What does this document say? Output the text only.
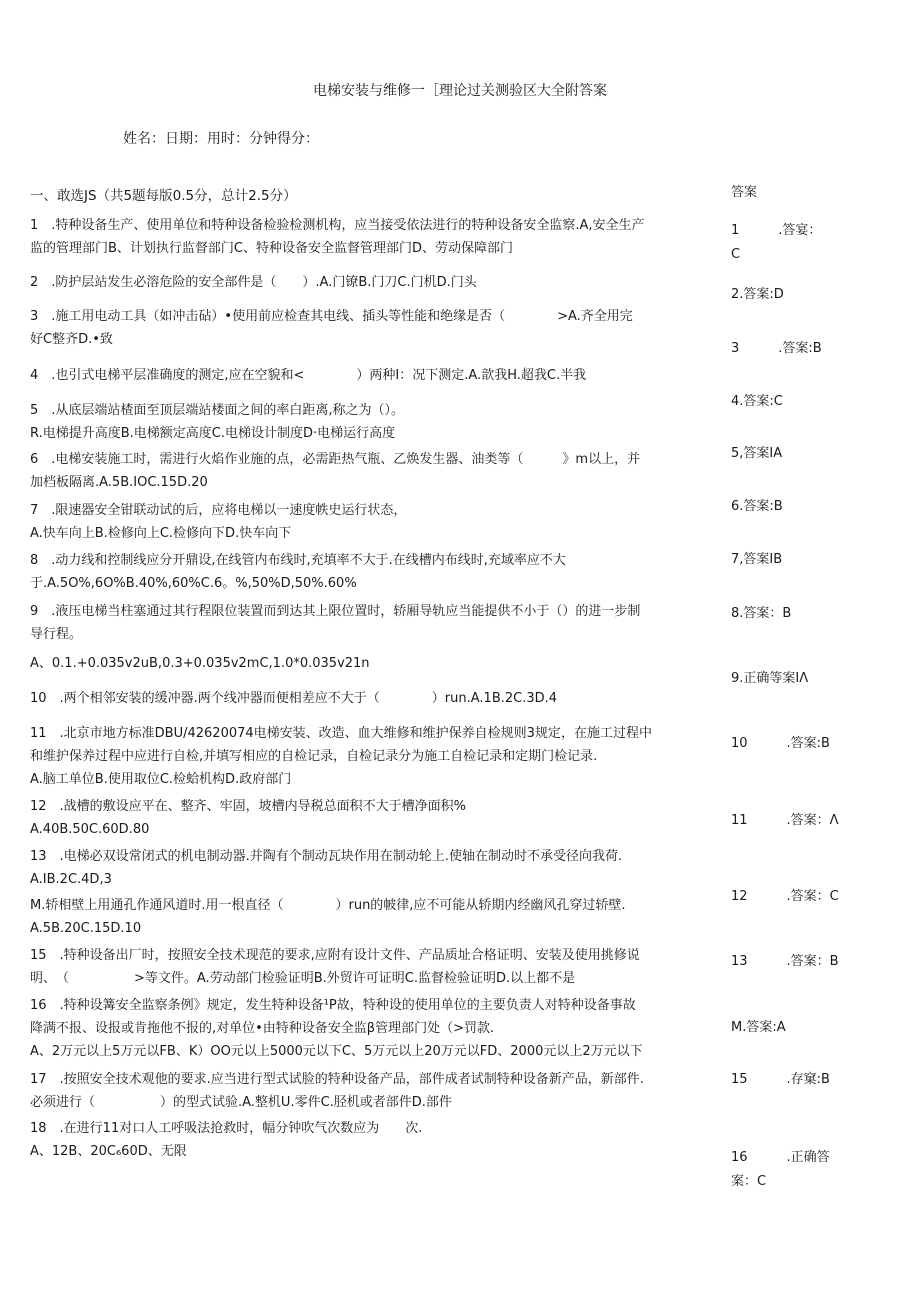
电梯安装与维修一［理论过关测验区大全附答案
姓名：日期：用时：分钟得分：
一、敢选JS（共5题每版0.5分，总计2.5分）	答案
1　.特种设备生产、使用单位和特种设备检验检测机构，应当接受依法进行的特种设备安全监察.A,安全生产
监的管理部门B、计划执行监督部门C、特种设备安全监督管理部门D、劳动保障部门
2　.防护层站发生必溶危险的安全部件是（　　）.A.门镣B.门刀C.门机D.门头
3　.施工用电动工具（如冲击砧）•使用前应检查其电线、插头等性能和绝缘是否（　　　　>A.齐全用完
好C整齐D.•致
4　.也引式电梯平层准确度的测定,应在空貌和<　　　　）两种I：况下测定.A.歆我H.超我C.半我
5　.从底层端站楂面至顶层端站楼面之间的率白距离,称之为（）。
R.电梯提升高度B.电梯额定高度C.电梯设计制度D·电梯运行高度
6　.电梯安装施工时，需进行火焰作业施的点，必需距热气瓶、乙焕发生器、油类等（　　　》m以上，并
加档板隔离.A.5B.IOC.15D.20
7　.限速器安全钳联动试的后，应将电梯以一速度帙史运行状态，
A.快车向上B.检修向上C.检修向下D.快车向下
8　.动力线和控制线应分开鼎设,在线管内布线时,充填率不大于.在线槽内布线时,充域率应不大
于.A.5O%,6O%B.40%,60%C.6。%,50%D,50%.60%
9　.液压电梯当柱塞通过其行程限位装置而到达其上限位置时，轿厢导轨应当能提供不小于（）的进一步制
导行程。
A、0.1.+0.035v2uB,0.3+0.035v2mC,1.0*0.035v21n
10　.两个相邻安装的缓冲器.两个线冲器而便相差应不大于（　　　　）run.A.1B.2C.3D.4
11　.北京市地方标准DBU/42620074电梯安装、改造、血大维修和维护保养自检规则3规定，在施工过程中
和维护保养过程中应进行自检,并填写相应的自检记录，自检记录分为施工自检记录和定期门检记录.
A.脑工单位B.使用取位C.检蛤机构D.政府部门
12　.战槽的敷设应平在、整齐、牢固，坡槽内导税总面积不大于槽净面积%
A.40B.50C.60D.80
13　.电梯必双设常闭式的机电制动器.并陶有个制动瓦块作用在制动轮上.使轴在制动时不承受径向我荷.
A.IB.2C.4D,3
M.轿相壁上用通孔作通风道时.用一根直径（　　　　）run的帔律,应不可能从轿期内经幽风孔穿过轿壁.
A.5B.20C.15D.10
15　.特种设备出厂时，按照安全技术现范的要求,应附有设计文件、产品质址合格证明、安装及使用挑修说
明、　（　　　　　>等文件。A.劳动部门检验证明B.外贸许可证明C.监督检验证明D.以上都不是
16　.特种设篝安全监察条例》规定，发生特种设备¹P故，特种设的使用单位的主要负责人对特种设备事故
降满不报、设报或肯拖他不报的,对单位•由特种设备安全监β管理部门处（>罚款.
A、2万元以上5万元以FB、K）OO元以上5000元以下C、5万元以上20万元以FD、2000元以上2万元以下
17　.按照安全技术观他的要求.应当进行型式试脸的特种设备产品，部件成者试制特种设备新产品，新部件.
必须进行（　　　　　）的型式试验.A.整机U.零件C.胫机或者部件D.部件
18　.在进行11对口人工呼吸法抢救时，幅分钟吹气次数应为　　次.
A、12B、20C₆60D、无限
1　　　.答宴：
C
2.答案:D
3　　　.答案:B
4.答案:C
5,答案IA
6.答案:B
7,答案IB
8.答案：B
9.正确等案IΛ
10　　　.答案:B
11　　　.答案：Λ
12　　　.答案：C
13　　　.答案：B
M.答案:A
15　　　.存窠:B
16　　　.正确答
案：C
